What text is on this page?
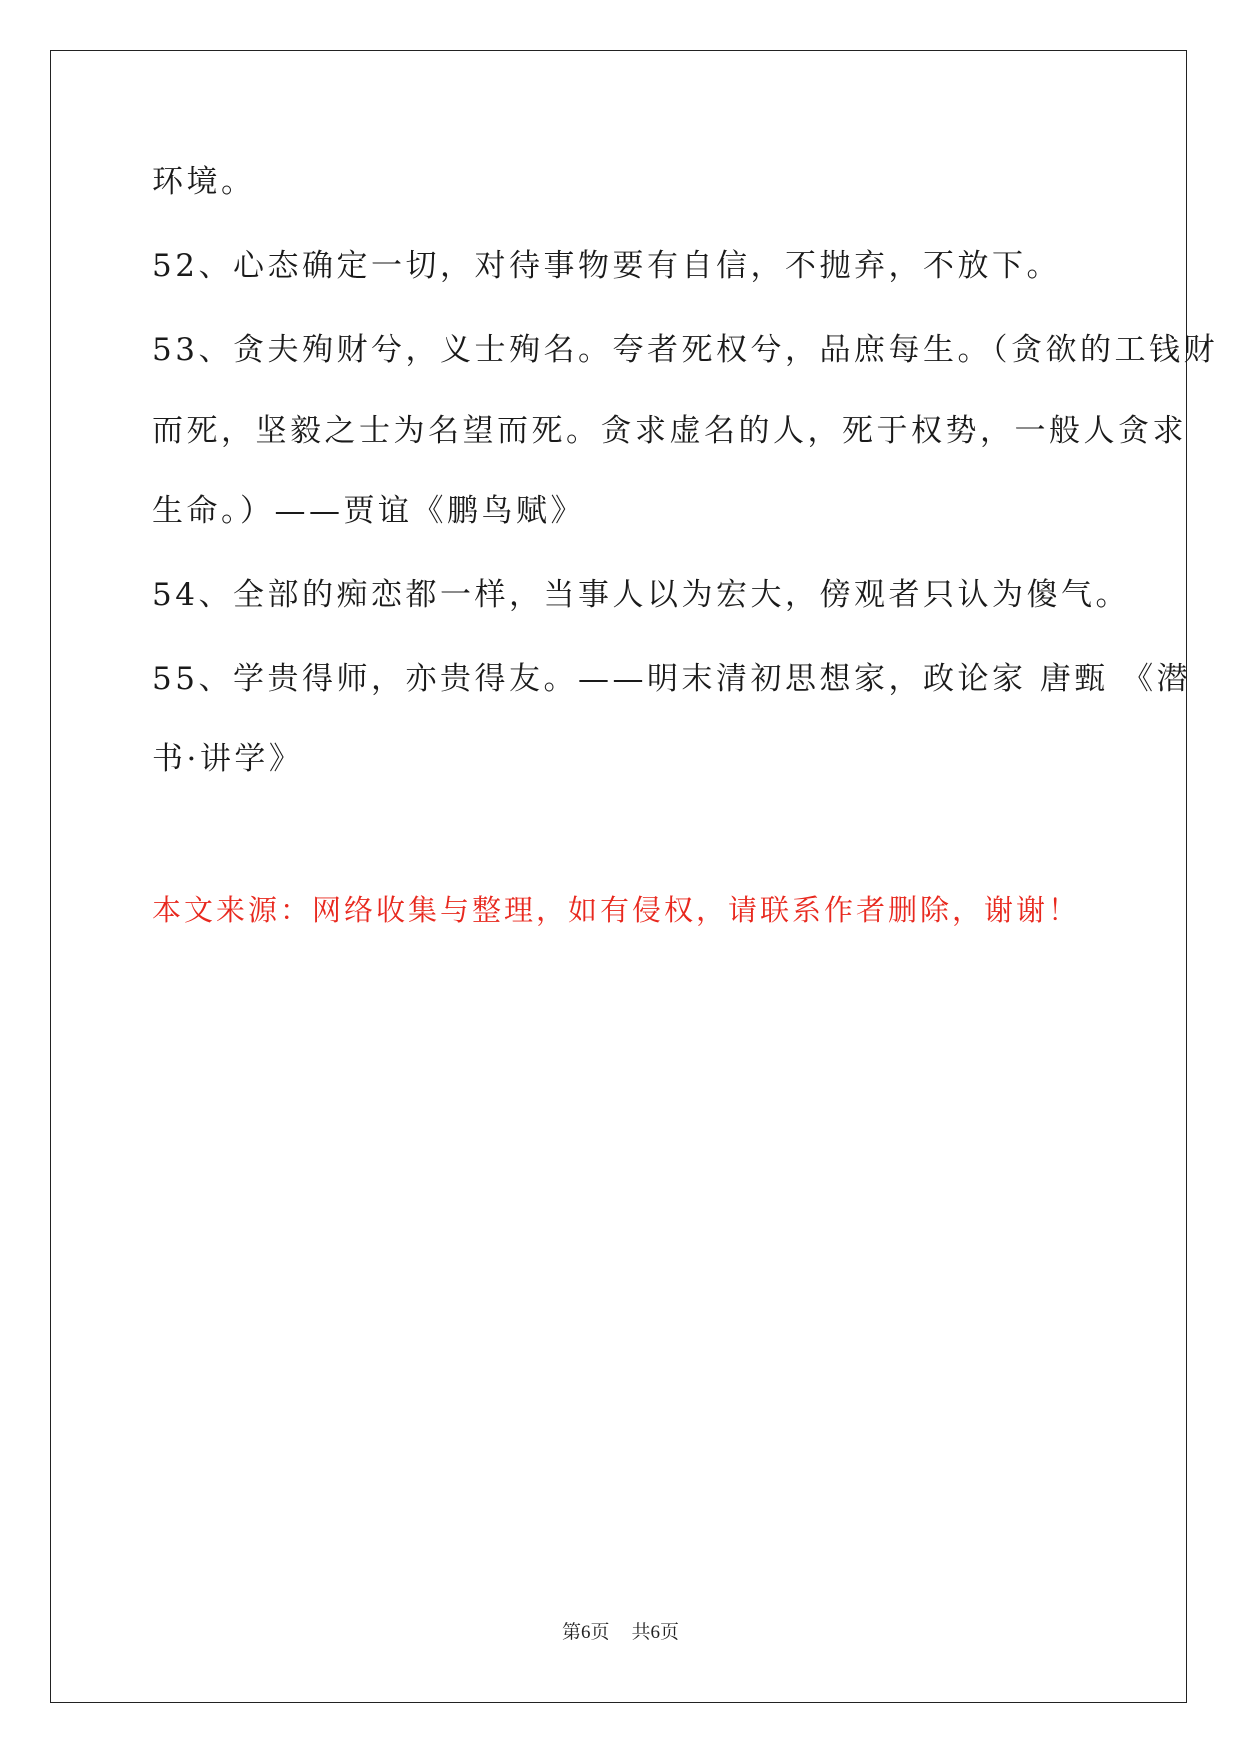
环境。
52、心态确定一切，对待事物要有自信，不抛弃，不放下。
53、贪夫殉财兮，义士殉名。夸者死权兮，品庶每生。（贪欲的工钱财
而死，坚毅之士为名望而死。贪求虚名的人，死于权势，一般人贪求
生命。）——贾谊《鹏鸟赋》
54、全部的痴恋都一样，当事人以为宏大，傍观者只认为傻气。
55、学贵得师，亦贵得友。——明末清初思想家，政论家 唐甄 《潜
书·讲学》
本文来源：网络收集与整理，如有侵权，请联系作者删除，谢谢！
第6页 共6页
